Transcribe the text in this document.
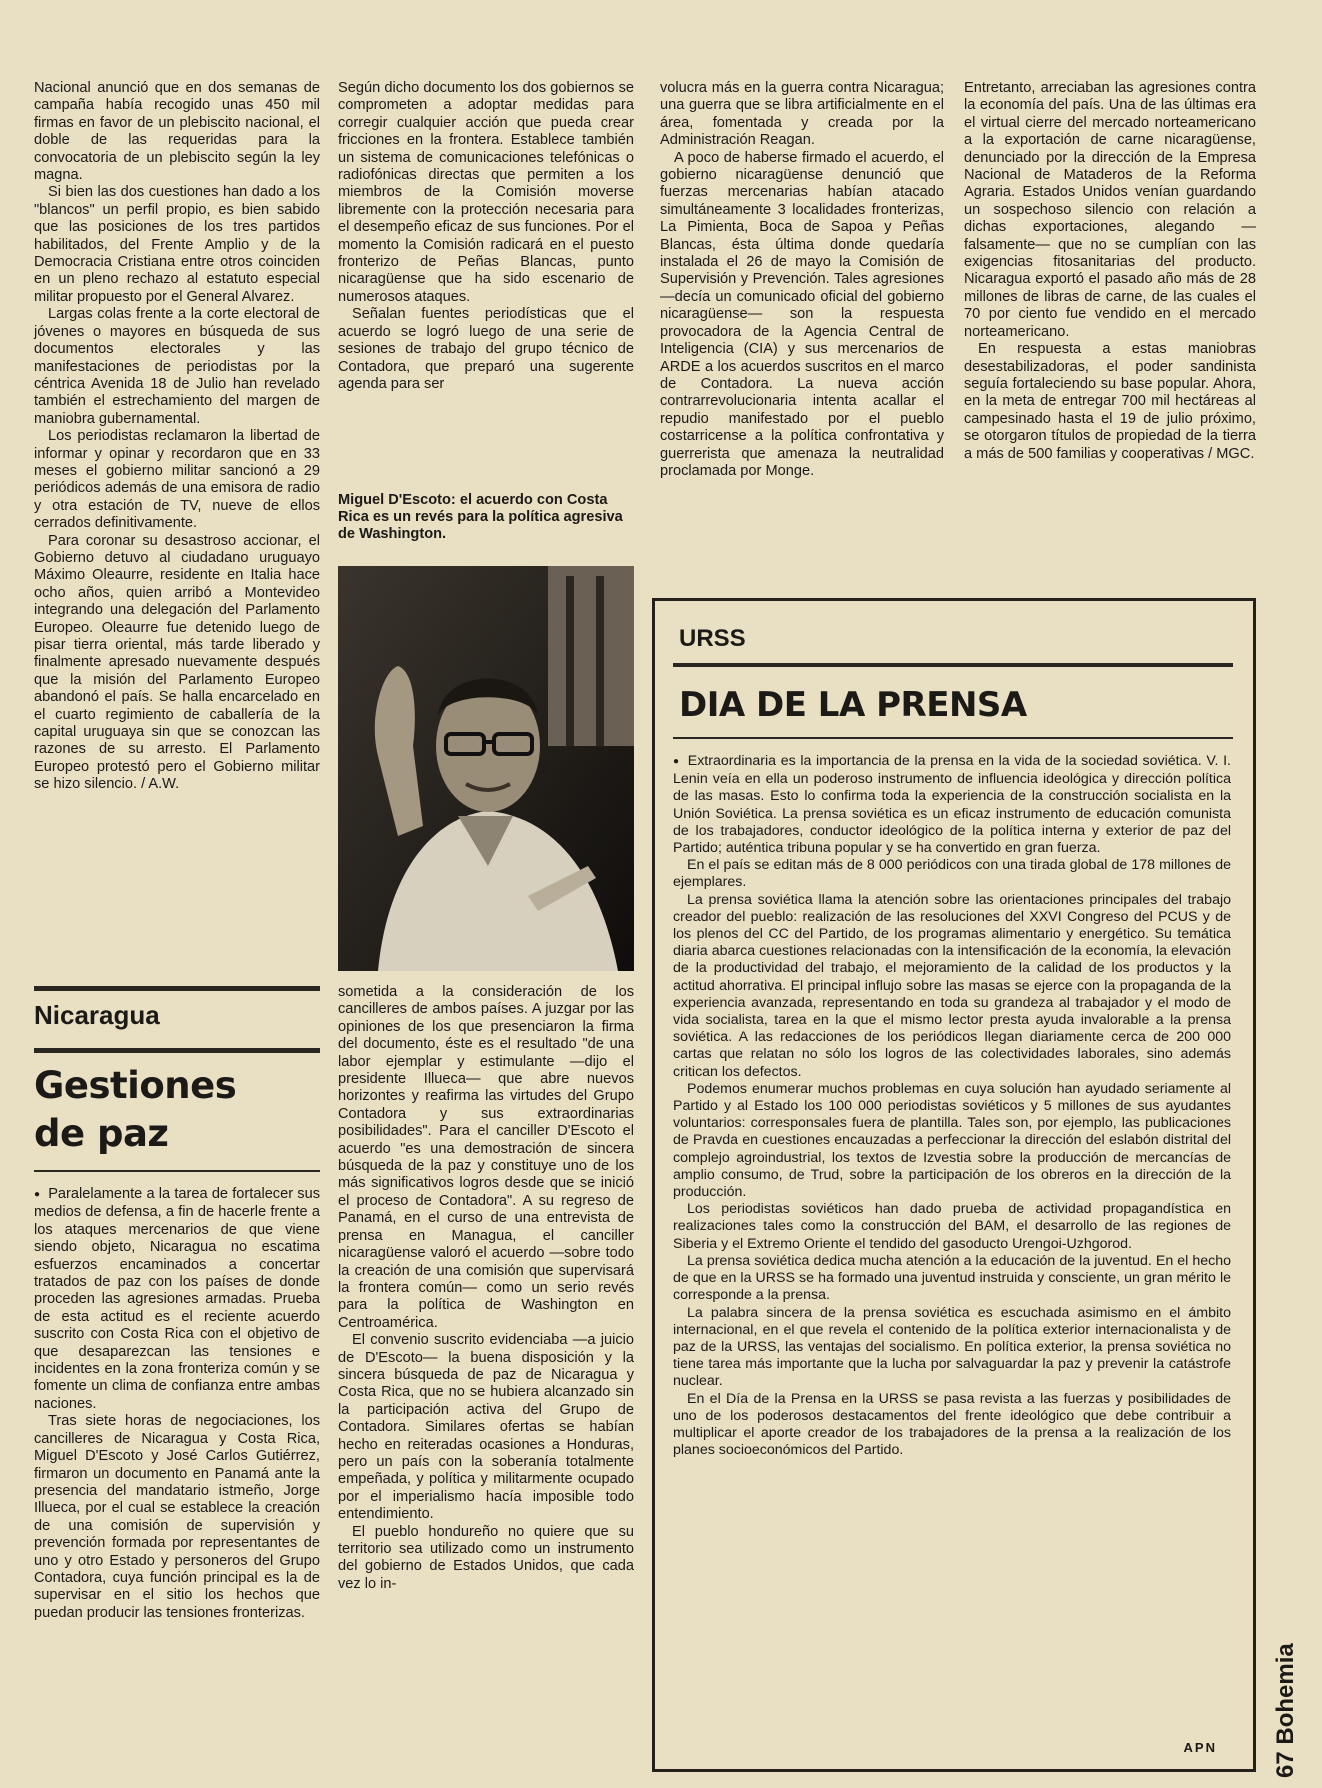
Nacional anunció que en dos semanas de campaña había recogido unas 450 mil firmas en favor de un plebiscito nacional, el doble de las requeridas para la convocatoria de un plebiscito según la ley magna.

Si bien las dos cuestiones han dado a los "blancos" un perfil propio, es bien sabido que las posiciones de los tres partidos habilitados, del Frente Amplio y de la Democracia Cristiana entre otros coinciden en un pleno rechazo al estatuto especial militar propuesto por el General Alvarez.

Largas colas frente a la corte electoral de jóvenes o mayores en búsqueda de sus documentos electorales y las manifestaciones de periodistas por la céntrica Avenida 18 de Julio han revelado también el estrechamiento del margen de maniobra gubernamental.

Los periodistas reclamaron la libertad de informar y opinar y recordaron que en 33 meses el gobierno militar sancionó a 29 periódicos además de una emisora de radio y otra estación de TV, nueve de ellos cerrados definitivamente.

Para coronar su desastroso accionar, el Gobierno detuvo al ciudadano uruguayo Máximo Oleaurre, residente en Italia hace ocho años, quien arribó a Montevideo integrando una delegación del Parlamento Europeo. Oleaurre fue detenido luego de pisar tierra oriental, más tarde liberado y finalmente apresado nuevamente después que la misión del Parlamento Europeo abandonó el país. Se halla encarcelado en el cuarto regimiento de caballería de la capital uruguaya sin que se conozcan las razones de su arresto. El Parlamento Europeo protestó pero el Gobierno militar se hizo silencio. / A.W.

Nicaragua
Gestiones de paz

● Paralelamente a la tarea de fortalecer sus medios de defensa, a fin de hacerle frente a los ataques mercenarios de que viene siendo objeto, Nicaragua no escatima esfuerzos encaminados a concertar tratados de paz con los países de donde proceden las agresiones armadas. Prueba de esta actitud es el reciente acuerdo suscrito con Costa Rica con el objetivo de que desaparezcan las tensiones e incidentes en la zona fronteriza común y se fomente un clima de confianza entre ambas naciones.

Tras siete horas de negociaciones, los cancilleres de Nicaragua y Costa Rica, Miguel D'Escoto y José Carlos Gutiérrez, firmaron un documento en Panamá ante la presencia del mandatario istmeño, Jorge Illueca, por el cual se establece la creación de una comisión de supervisión y prevención formada por representantes de uno y otro Estado y personeros del Grupo Contadora, cuya función principal es la de supervisar en el sitio los hechos que puedan producir las tensiones fronterizas.

Según dicho documento los dos gobiernos se comprometen a adoptar medidas para corregir cualquier acción que pueda crear fricciones en la frontera. Establece también un sistema de comunicaciones telefónicas o radiofónicas directas que permiten a los miembros de la Comisión moverse libremente con la protección necesaria para el desempeño eficaz de sus funciones. Por el momento la Comisión radicará en el puesto fronterizo de Peñas Blancas, punto nicaragüense que ha sido escenario de numerosos ataques.

Señalan fuentes periodísticas que el acuerdo se logró luego de una serie de sesiones de trabajo del grupo técnico de Contadora, que preparó una sugerente agenda para ser

Miguel D'Escoto: el acuerdo con Costa Rica es un revés para la política agresiva de Washington.

sometida a la consideración de los cancilleres de ambos países. A juzgar por las opiniones de los que presenciaron la firma del documento, éste es el resultado "de una labor ejemplar y estimulante —dijo el presidente Illueca— que abre nuevos horizontes y reafirma las virtudes del Grupo Contadora y sus extraordinarias posibilidades". Para el canciller D'Escoto el acuerdo "es una demostración de sincera búsqueda de la paz y constituye uno de los más significativos logros desde que se inició el proceso de Contadora". A su regreso de Panamá, en el curso de una entrevista de prensa en Managua, el canciller nicaragüense valoró el acuerdo —sobre todo la creación de una comisión que supervisará la frontera común— como un serio revés para la política de Washington en Centroamérica.

El convenio suscrito evidenciaba —a juicio de D'Escoto— la buena disposición y la sincera búsqueda de paz de Nicaragua y Costa Rica, que no se hubiera alcanzado sin la participación activa del Grupo de Contadora. Similares ofertas se habían hecho en reiteradas ocasiones a Honduras, pero un país con la soberanía totalmente empeñada, y política y militarmente ocupado por el imperialismo hacía imposible todo entendimiento.

El pueblo hondureño no quiere que su territorio sea utilizado como un instrumento del gobierno de Estados Unidos, que cada vez lo in-

volucra más en la guerra contra Nicaragua; una guerra que se libra artificialmente en el área, fomentada y creada por la Administración Reagan.

A poco de haberse firmado el acuerdo, el gobierno nicaragüense denunció que fuerzas mercenarias habían atacado simultáneamente 3 localidades fronterizas, La Pimienta, Boca de Sapoa y Peñas Blancas, ésta última donde quedaría instalada el 26 de mayo la Comisión de Supervisión y Prevención. Tales agresiones —decía un comunicado oficial del gobierno nicaragüense— son la respuesta provocadora de la Agencia Central de Inteligencia (CIA) y sus mercenarios de ARDE a los acuerdos suscritos en el marco de Contadora. La nueva acción contrarrevolucionaria intenta acallar el repudio manifestado por el pueblo costarricense a la política confrontativa y guerrerista que amenaza la neutralidad proclamada por Monge.

Entretanto, arreciaban las agresiones contra la economía del país. Una de las últimas era el virtual cierre del mercado norteamericano a la exportación de carne nicaragüense, denunciado por la dirección de la Empresa Nacional de Mataderos de la Reforma Agraria. Estados Unidos venían guardando un sospechoso silencio con relación a dichas exportaciones, alegando —falsamente— que no se cumplían con las exigencias fitosanitarias del producto. Nicaragua exportó el pasado año más de 28 millones de libras de carne, de las cuales el 70 por ciento fue vendido en el mercado norteamericano.

En respuesta a estas maniobras desestabilizadoras, el poder sandinista seguía fortaleciendo su base popular. Ahora, en la meta de entregar 700 mil hectáreas al campesinado hasta el 19 de julio próximo, se otorgaron títulos de propiedad de la tierra a más de 500 familias y cooperativas / MGC.

URSS
DIA DE LA PRENSA

● Extraordinaria es la importancia de la prensa en la vida de la sociedad soviética. V. I. Lenin veía en ella un poderoso instrumento de influencia ideológica y dirección política de las masas. Esto lo confirma toda la experiencia de la construcción socialista en la Unión Soviética. La prensa soviética es un eficaz instrumento de educación comunista de los trabajadores, conductor ideológico de la política interna y exterior de paz del Partido; auténtica tribuna popular y se ha convertido en gran fuerza.

En el país se editan más de 8 000 periódicos con una tirada global de 178 millones de ejemplares.

La prensa soviética llama la atención sobre las orientaciones principales del trabajo creador del pueblo: realización de las resoluciones del XXVI Congreso del PCUS y de los plenos del CC del Partido, de los programas alimentario y energético. Su temática diaria abarca cuestiones relacionadas con la intensificación de la economía, la elevación de la productividad del trabajo, el mejoramiento de la calidad de los productos y la actitud ahorrativa. El principal influjo sobre las masas se ejerce con la propaganda de la experiencia avanzada, representando en toda su grandeza al trabajador y el modo de vida socialista, tarea en la que el mismo lector presta ayuda invalorable a la prensa soviética. A las redacciones de los periódicos llegan diariamente cerca de 200 000 cartas que relatan no sólo los logros de las colectividades laborales, sino además critican los defectos.

Podemos enumerar muchos problemas en cuya solución han ayudado seriamente al Partido y al Estado los 100 000 periodistas soviéticos y 5 millones de sus ayudantes voluntarios: corresponsales fuera de plantilla. Tales son, por ejemplo, las publicaciones de Pravda en cuestiones encauzadas a perfeccionar la dirección del eslabón distrital del complejo agroindustrial, los textos de Izvestia sobre la producción de mercancías de amplio consumo, de Trud, sobre la participación de los obreros en la dirección de la producción.

Los periodistas soviéticos han dado prueba de actividad propagandística en realizaciones tales como la construcción del BAM, el desarrollo de las regiones de Siberia y el Extremo Oriente el tendido del gasoducto Urengoi-Uzhgorod.

La prensa soviética dedica mucha atención a la educación de la juventud. En el hecho de que en la URSS se ha formado una juventud instruida y consciente, un gran mérito le corresponde a la prensa.

La palabra sincera de la prensa soviética es escuchada asimismo en el ámbito internacional, en el que revela el contenido de la política exterior internacionalista y de paz de la URSS, las ventajas del socialismo. En política exterior, la prensa soviética no tiene tarea más importante que la lucha por salvaguardar la paz y prevenir la catástrofe nuclear.

En el Día de la Prensa en la URSS se pasa revista a las fuerzas y posibilidades de uno de los poderosos destacamentos del frente ideológico que debe contribuir a multiplicar el aporte creador de los trabajadores de la prensa a la realización de los planes socioeconómicos del Partido.

APN 67 Bohemia
